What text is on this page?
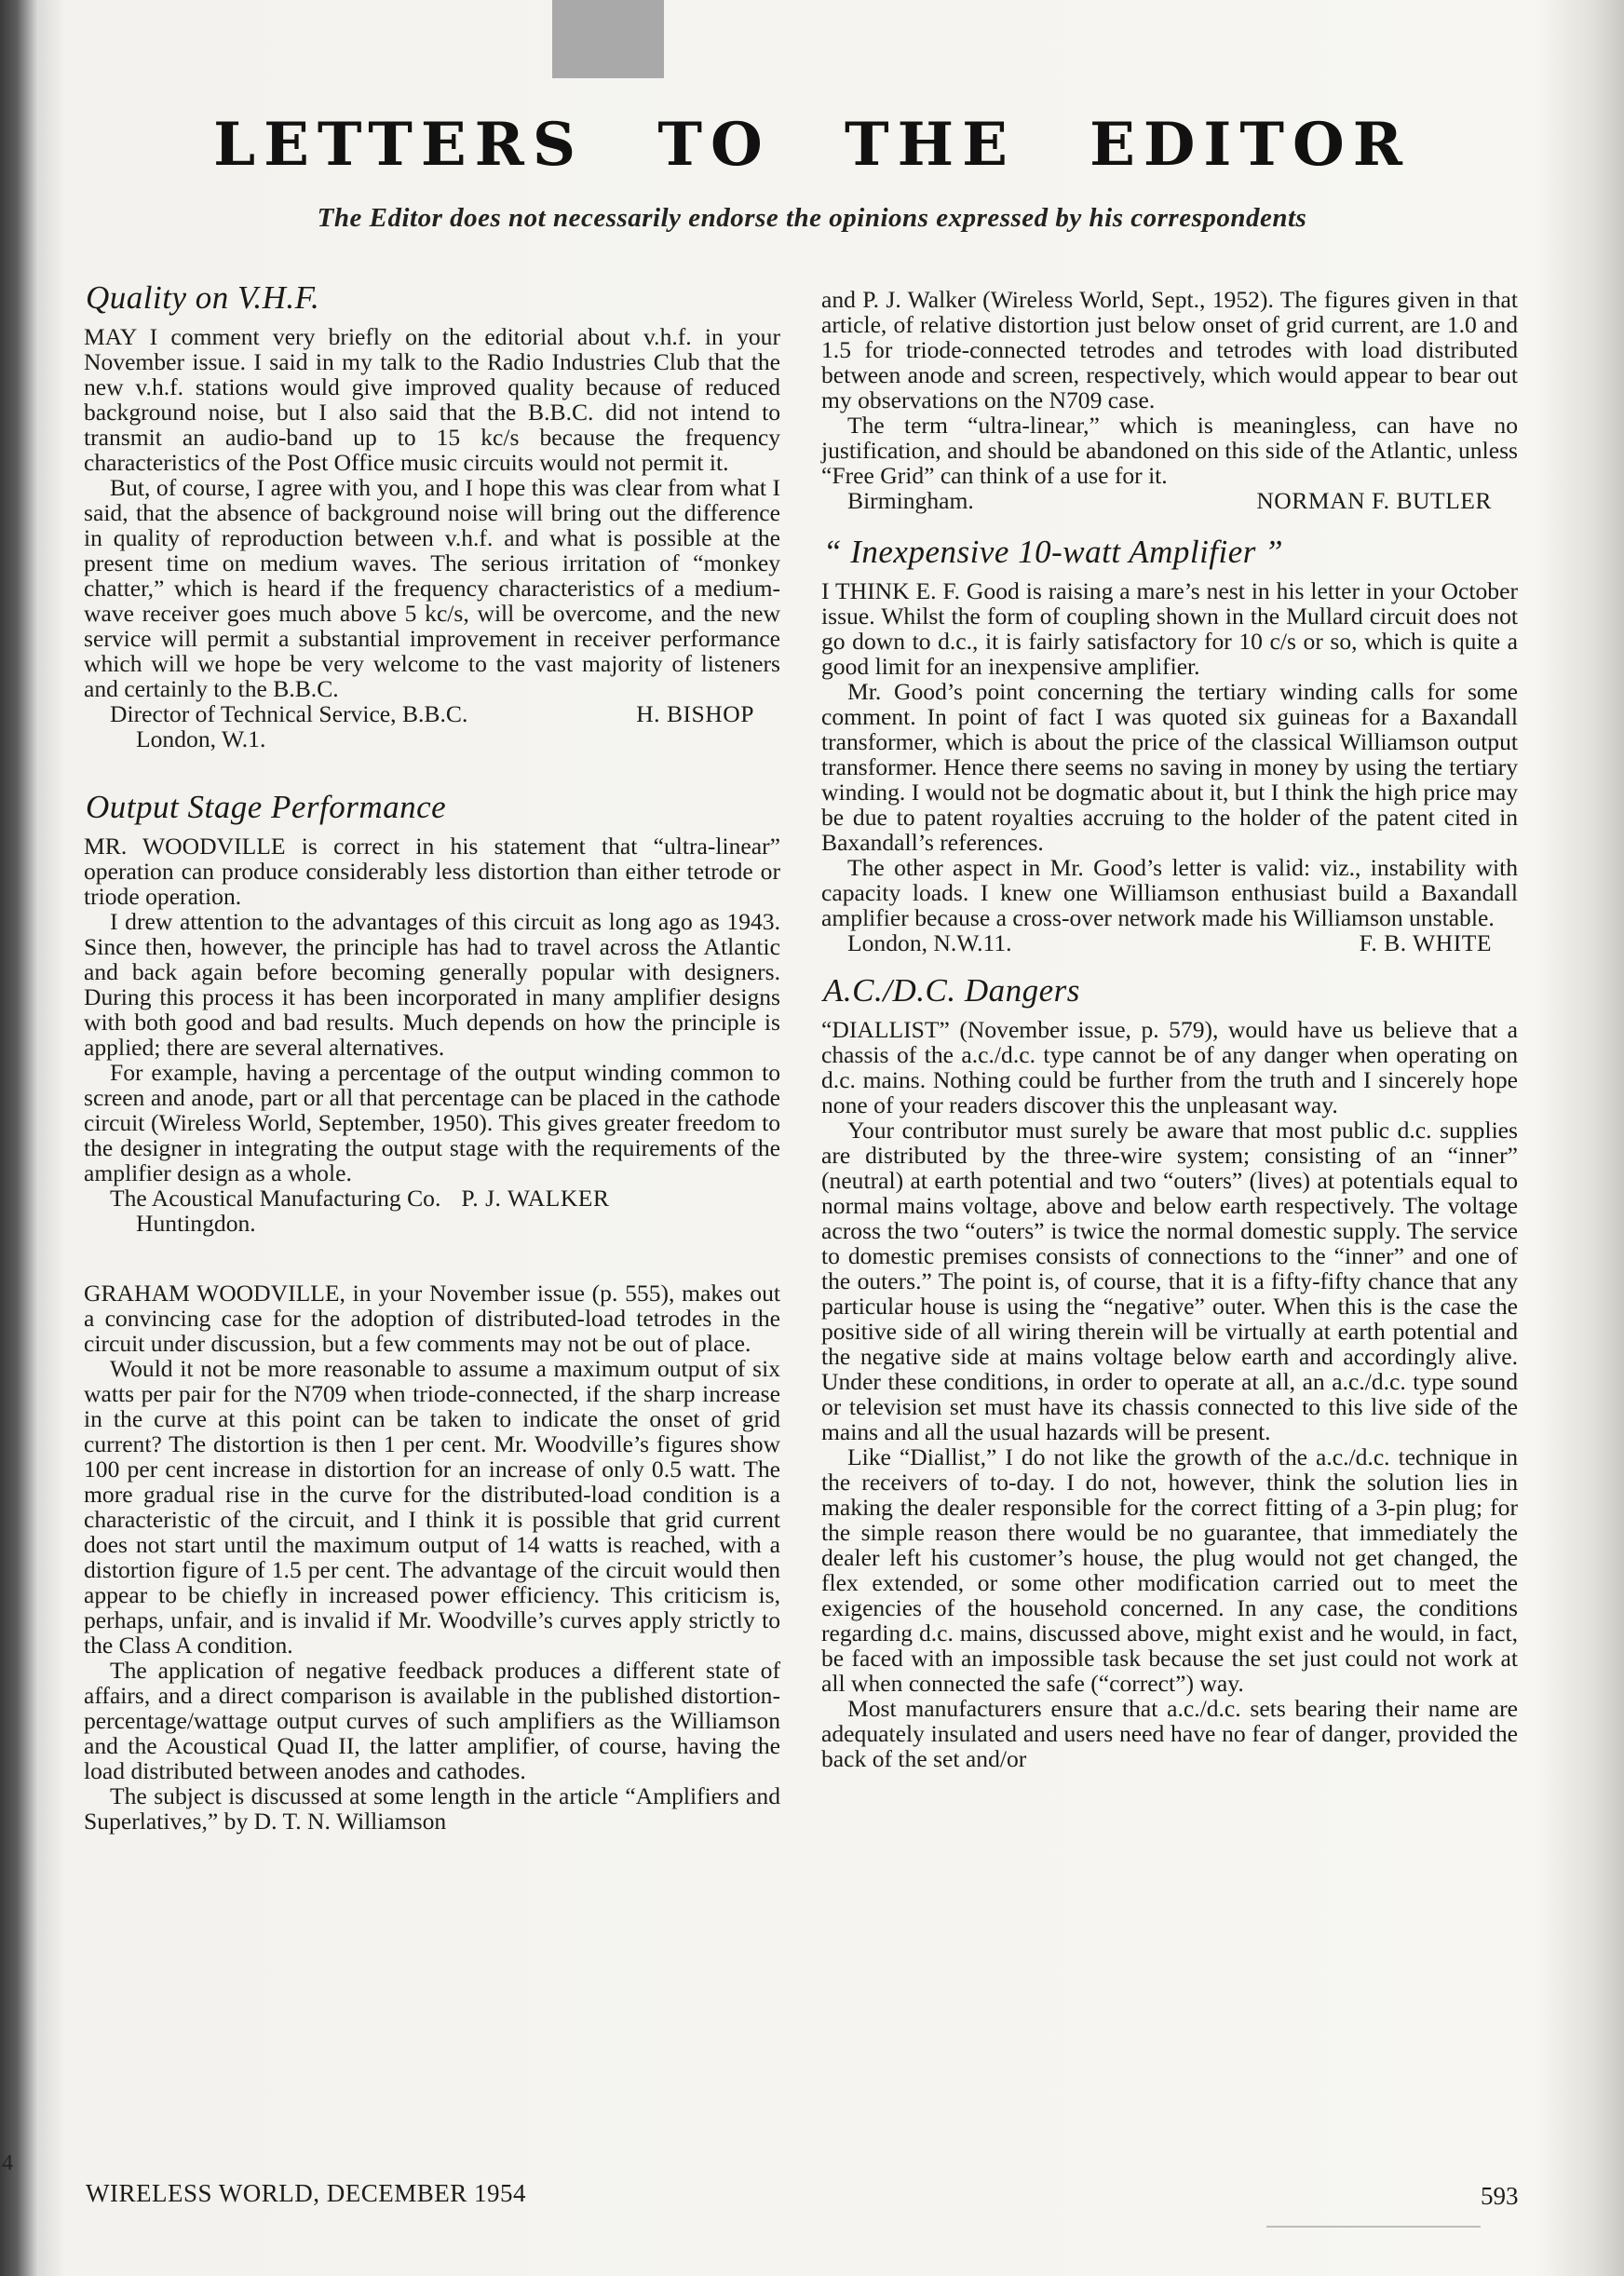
4
LETTERS TO THE EDITOR
The Editor does not necessarily endorse the opinions expressed by his correspondents
Quality on V.H.F.

MAY I comment very briefly on the editorial about v.h.f. in your November issue. I said in my talk to the Radio Industries Club that the new v.h.f. stations would give improved quality because of reduced background noise, but I also said that the B.B.C. did not intend to transmit an audio-band up to 15 kc/s because the frequency characteristics of the Post Office music circuits would not permit it.

But, of course, I agree with you, and I hope this was clear from what I said, that the absence of background noise will bring out the difference in quality of reproduction between v.h.f. and what is possible at the present time on medium waves. The serious irritation of “monkey chatter,” which is heard if the frequency characteristics of a medium-wave receiver goes much above 5 kc/s, will be overcome, and the new service will permit a substantial improvement in receiver performance which will we hope be very welcome to the vast majority of listeners and certainly to the B.B.C.

Director of Technical Service, B.B.C.	H. BISHOP
London, W.1.
Output Stage Performance

MR. WOODVILLE is correct in his statement that “ultra-linear” operation can produce considerably less distortion than either tetrode or triode operation.

I drew attention to the advantages of this circuit as long ago as 1943. Since then, however, the principle has had to travel across the Atlantic and back again before becoming generally popular with designers. During this process it has been incorporated in many amplifier designs with both good and bad results. Much depends on how the principle is applied; there are several alternatives.

For example, having a percentage of the output winding common to screen and anode, part or all that percentage can be placed in the cathode circuit (Wireless World, September, 1950). This gives greater freedom to the designer in integrating the output stage with the requirements of the amplifier design as a whole.

The Acoustical Manufacturing Co. P. J. WALKER
Huntingdon.

GRAHAM WOODVILLE, in your November issue (p. 555), makes out a convincing case for the adoption of distributed-load tetrodes in the circuit under discussion, but a few comments may not be out of place.

Would it not be more reasonable to assume a maximum output of six watts per pair for the N709 when triode-connected, if the sharp increase in the curve at this point can be taken to indicate the onset of grid current? The distortion is then 1 per cent. Mr. Woodville’s figures show 100 per cent increase in distortion for an increase of only 0.5 watt. The more gradual rise in the curve for the distributed-load condition is a characteristic of the circuit, and I think it is possible that grid current does not start until the maximum output of 14 watts is reached, with a distortion figure of 1.5 per cent. The advantage of the circuit would then appear to be chiefly in increased power efficiency. This criticism is, perhaps, unfair, and is invalid if Mr. Woodville’s curves apply strictly to the Class A condition.

The application of negative feedback produces a different state of affairs, and a direct comparison is available in the published distortion-percentage/wattage output curves of such amplifiers as the Williamson and the Acoustical Quad II, the latter amplifier, of course, having the load distributed between anodes and cathodes.

The subject is discussed at some length in the article “Amplifiers and Superlatives,” by D. T. N. Williamson

and P. J. Walker (Wireless World, Sept., 1952). The figures given in that article, of relative distortion just below onset of grid current, are 1.0 and 1.5 for triode-connected tetrodes and tetrodes with load distributed between anode and screen, respectively, which would appear to bear out my observations on the N709 case.

The term “ultra-linear,” which is meaningless, can have no justification, and should be abandoned on this side of the Atlantic, unless “Free Grid” can think of a use for it.

Birmingham.	NORMAN F. BUTLER
“ Inexpensive 10-watt Amplifier ”

I THINK E. F. Good is raising a mare’s nest in his letter in your October issue. Whilst the form of coupling shown in the Mullard circuit does not go down to d.c., it is fairly satisfactory for 10 c/s or so, which is quite a good limit for an inexpensive amplifier.

Mr. Good’s point concerning the tertiary winding calls for some comment. In point of fact I was quoted six guineas for a Baxandall transformer, which is about the price of the classical Williamson output transformer. Hence there seems no saving in money by using the tertiary winding. I would not be dogmatic about it, but I think the high price may be due to patent royalties accruing to the holder of the patent cited in Baxandall’s references.

The other aspect in Mr. Good’s letter is valid: viz., instability with capacity loads. I knew one Williamson enthusiast build a Baxandall amplifier because a cross-over network made his Williamson unstable.

London, N.W.11.	F. B. WHITE
A.C./D.C. Dangers

“DIALLIST” (November issue, p. 579), would have us believe that a chassis of the a.c./d.c. type cannot be of any danger when operating on d.c. mains. Nothing could be further from the truth and I sincerely hope none of your readers discover this the unpleasant way.

Your contributor must surely be aware that most public d.c. supplies are distributed by the three-wire system; consisting of an “inner” (neutral) at earth potential and two “outers” (lives) at potentials equal to normal mains voltage, above and below earth respectively. The voltage across the two “outers” is twice the normal domestic supply. The service to domestic premises consists of connections to the “inner” and one of the outers.” The point is, of course, that it is a fifty-fifty chance that any particular house is using the “negative” outer. When this is the case the positive side of all wiring therein will be virtually at earth potential and the negative side at mains voltage below earth and accordingly alive. Under these conditions, in order to operate at all, an a.c./d.c. type sound or television set must have its chassis connected to this live side of the mains and all the usual hazards will be present.

Like “Diallist,” I do not like the growth of the a.c./d.c. technique in the receivers of to-day. I do not, however, think the solution lies in making the dealer responsible for the correct fitting of a 3-pin plug; for the simple reason there would be no guarantee, that immediately the dealer left his customer’s house, the plug would not get changed, the flex extended, or some other modification carried out to meet the exigencies of the household concerned. In any case, the conditions regarding d.c. mains, discussed above, might exist and he would, in fact, be faced with an impossible task because the set just could not work at all when connected the safe (“correct”) way.

Most manufacturers ensure that a.c./d.c. sets bearing their name are adequately insulated and users need have no fear of danger, provided the back of the set and/or

WIRELESS WORLD, DECEMBER 1954	593
